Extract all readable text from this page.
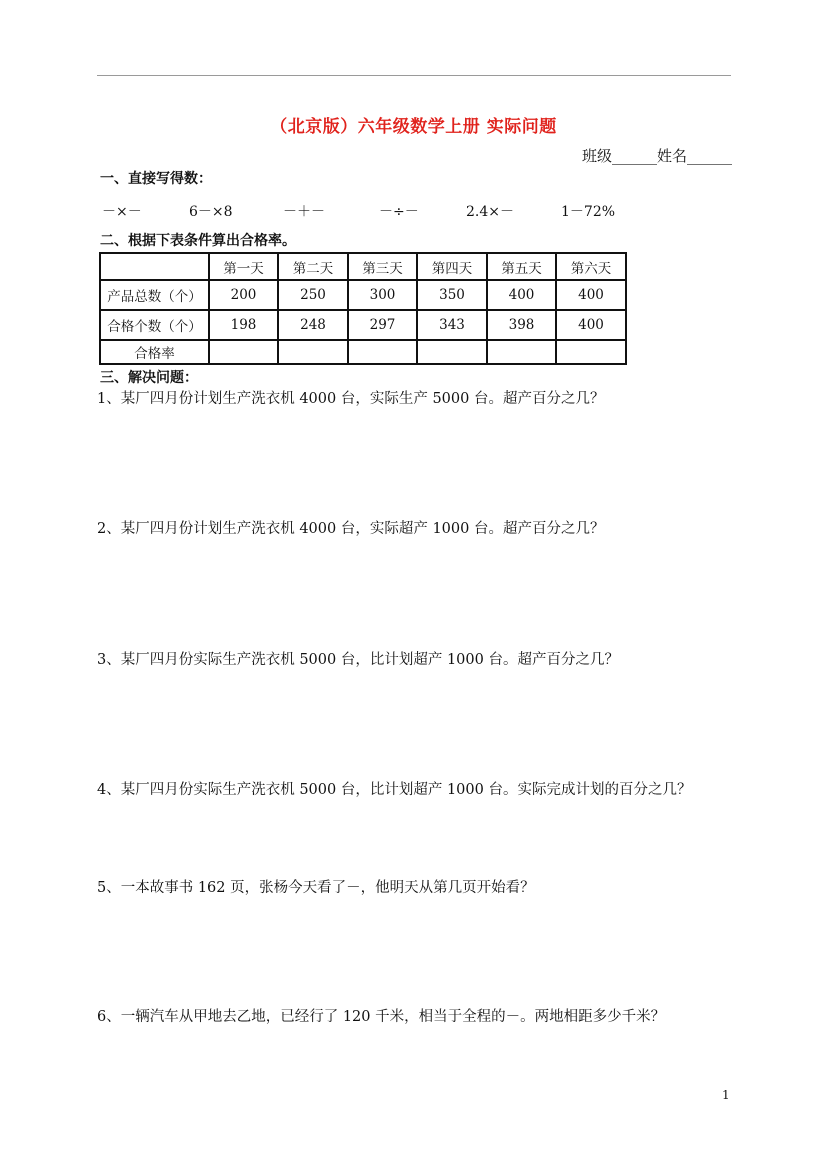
（北京版）六年级数学上册 实际问题
班级______姓名______
一、直接写得数：
－×－	6－×8	－＋－	－÷－	2.4×－	1－72%
二、根据下表条件算出合格率。
	第一天	第二天	第三天	第四天	第五天	第六天
产品总数（个）	200	250	300	350	400	400
合格个数（个）	198	248	297	343	398	400
合格率						
三、解决问题：
1、某厂四月份计划生产洗衣机 4000 台，实际生产 5000 台。超产百分之几？
2、某厂四月份计划生产洗衣机 4000 台，实际超产 1000 台。超产百分之几？
3、某厂四月份实际生产洗衣机 5000 台，比计划超产 1000 台。超产百分之几？
4、某厂四月份实际生产洗衣机 5000 台，比计划超产 1000 台。实际完成计划的百分之几？
5、一本故事书 162 页，张杨今天看了－，他明天从第几页开始看？
6、一辆汽车从甲地去乙地，已经行了 120 千米，相当于全程的－。两地相距多少千米？
1
